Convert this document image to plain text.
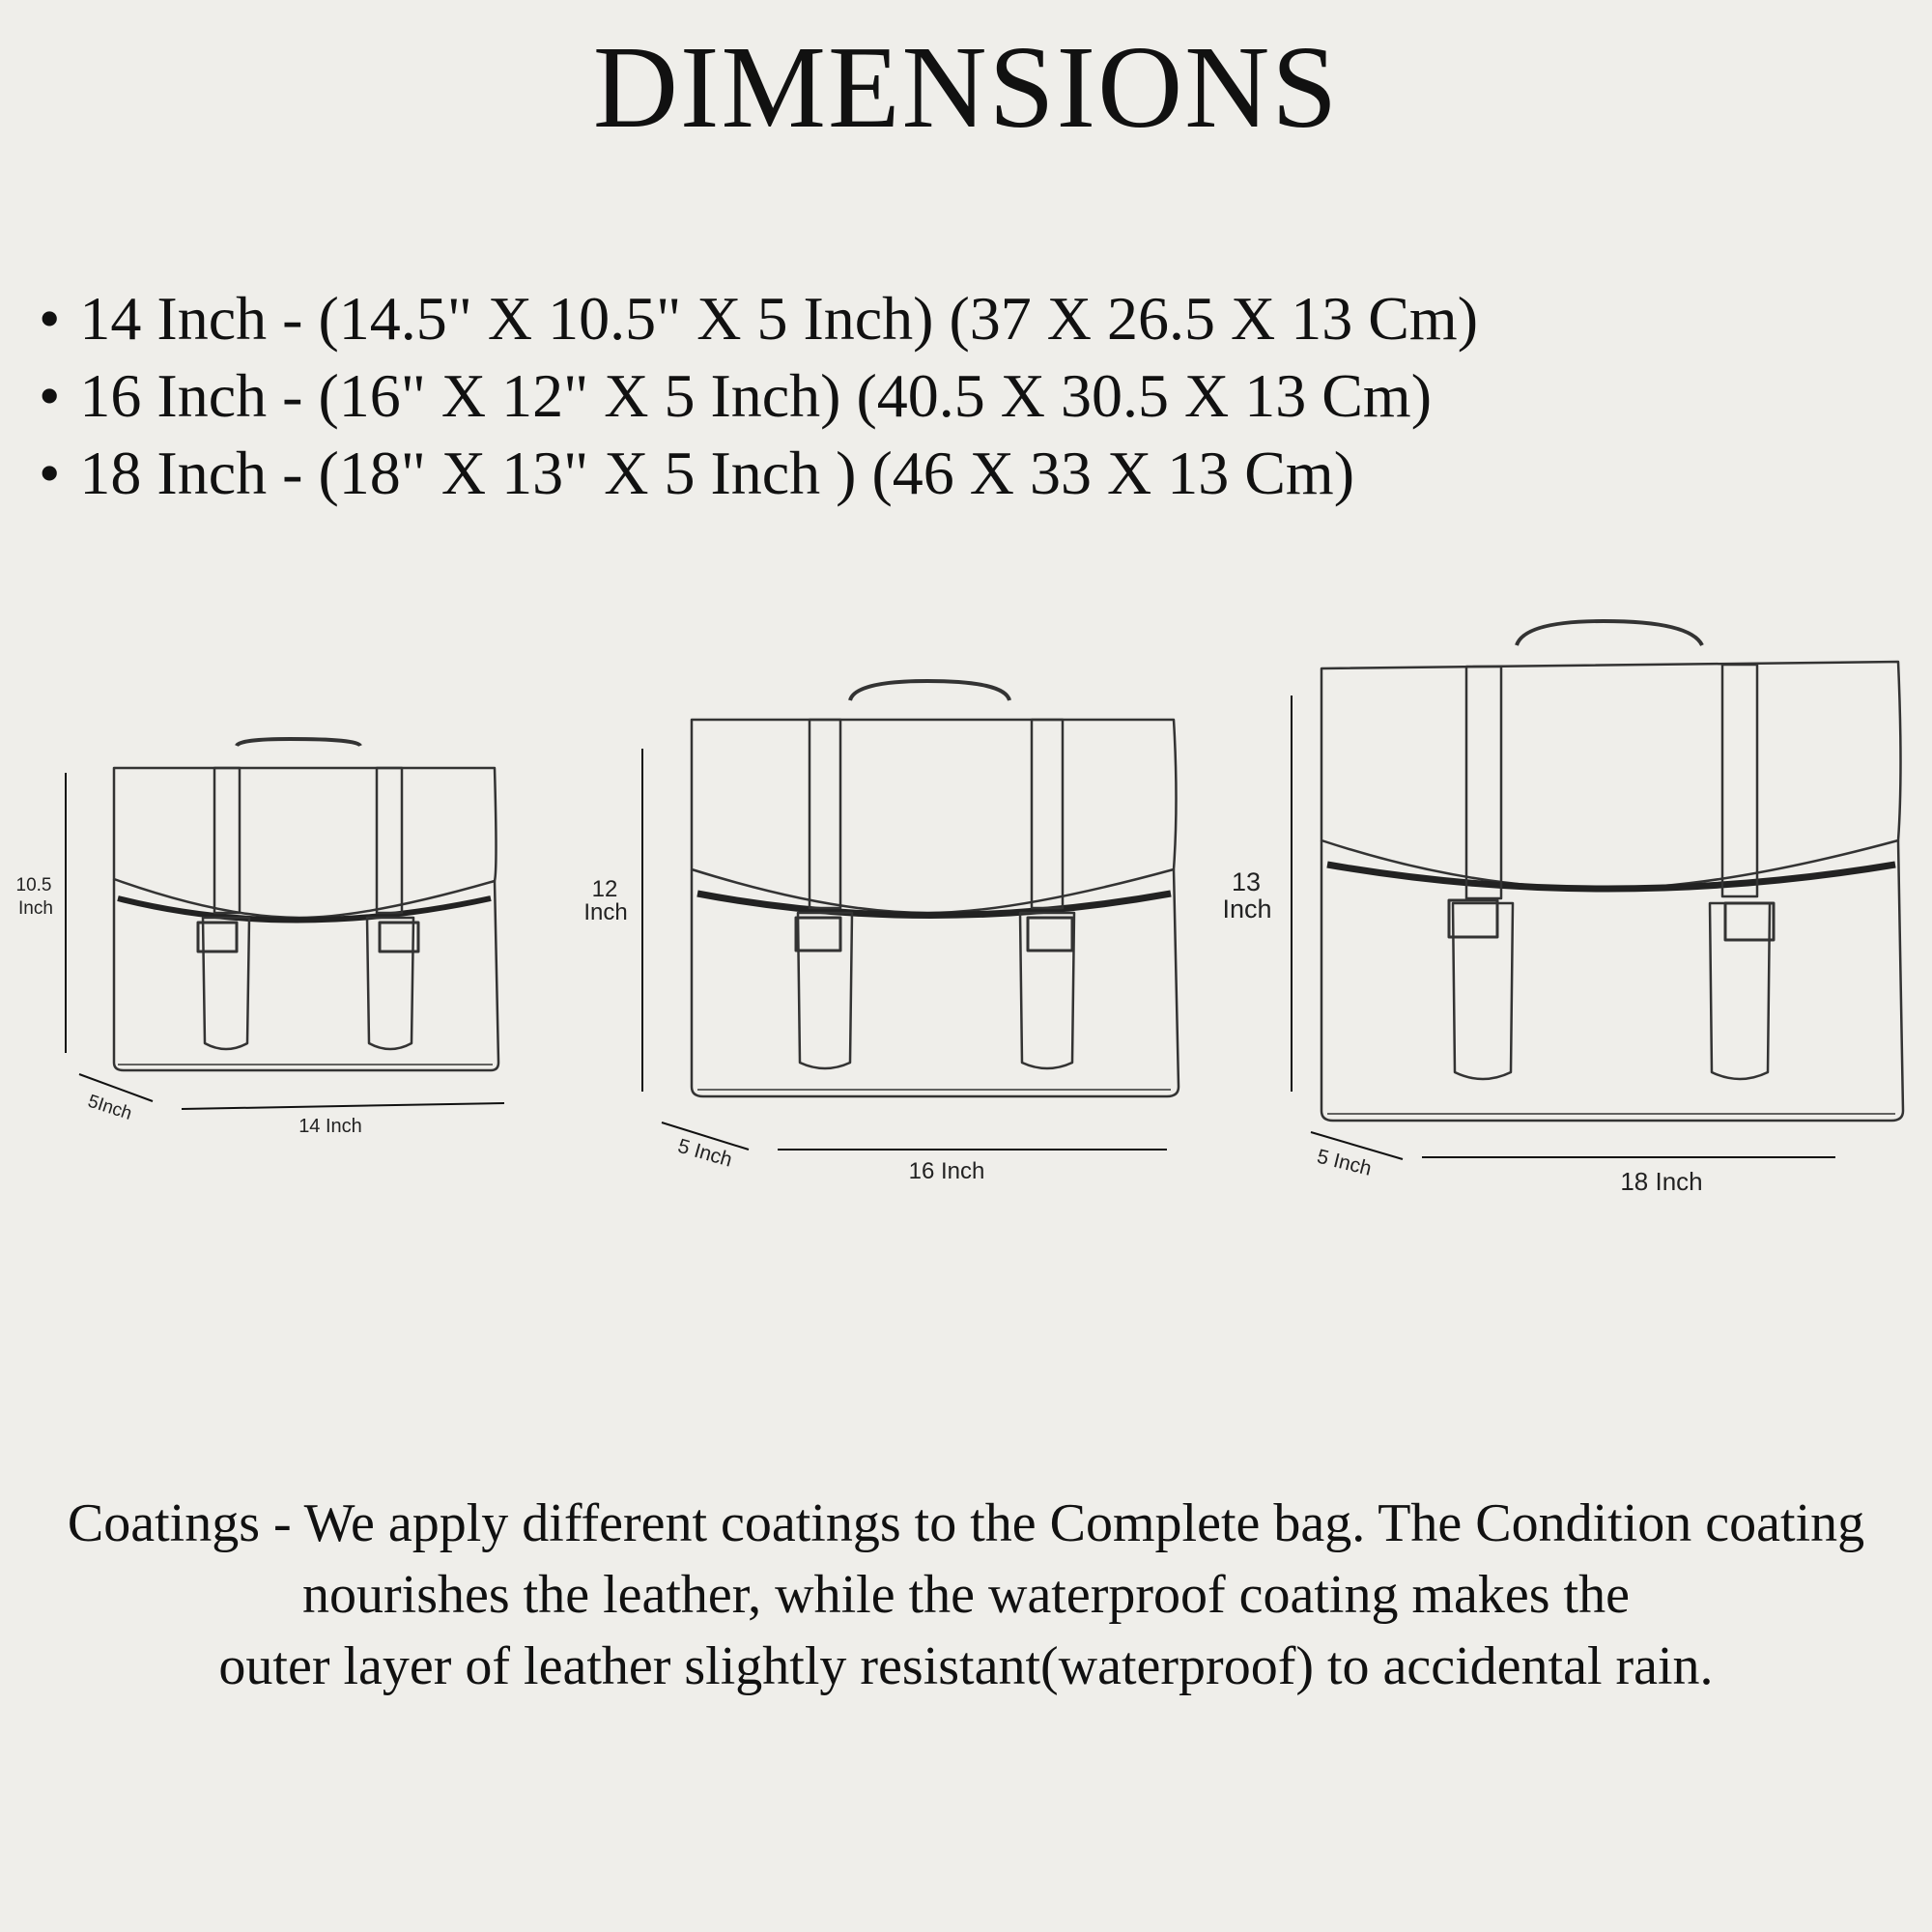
DIMENSIONS
• 14 Inch - (14.5" X 10.5" X 5 Inch) (37 X 26.5 X 13 Cm)
• 16 Inch - (16" X 12" X 5 Inch) (40.5 X 30.5 X 13 Cm)
• 18 Inch - (18" X 13" X 5 Inch ) (46 X 33 X 13 Cm)
10.5
Inch
5Inch
14 Inch
12
Inch
5 Inch	16 Inch
13
Inch
5 Inch
18 Inch
Coatings - We apply different coatings to the Complete bag. The Condition coating
nourishes the leather, while the waterproof coating makes the
outer layer of leather slightly resistant(waterproof) to accidental rain.
